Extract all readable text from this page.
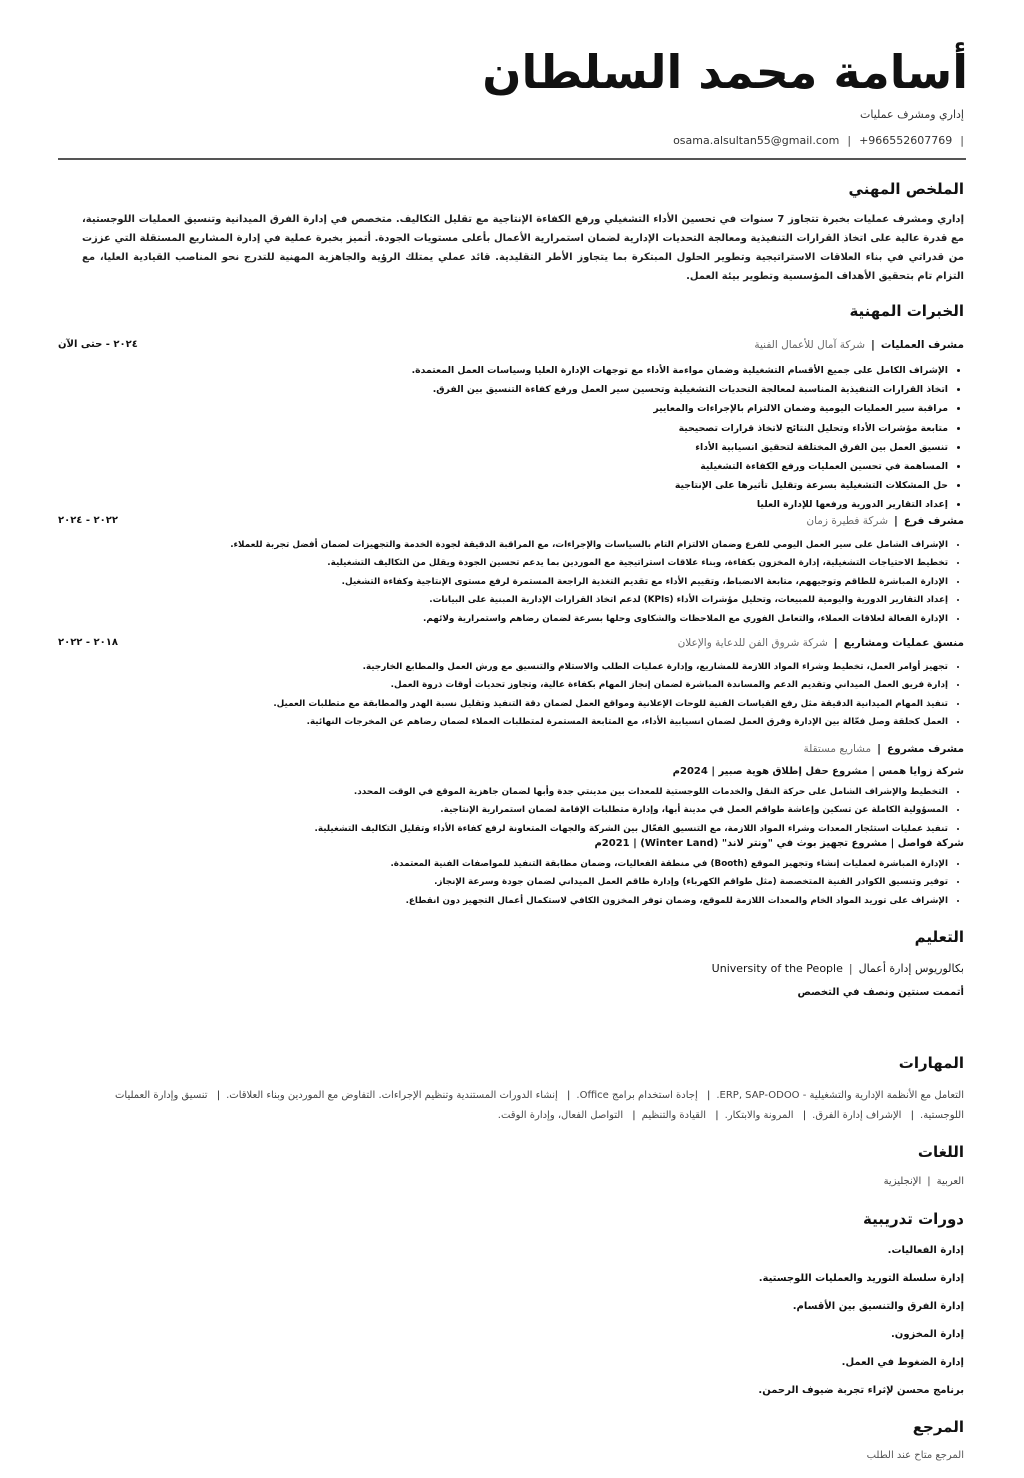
أسامة محمد السلطان
إداري ومشرف عمليات
|
+966552607769
|
osama.alsultan55@gmail.com
الملخص المهني
إداري ومشرف عمليات بخبرة تتجاوز 7 سنوات في تحسين الأداء التشغيلي ورفع الكفاءة الإنتاجية مع تقليل التكاليف. متخصص في إدارة الفرق الميدانية وتنسيق العمليات اللوجستية، مع قدرة عالية على اتخاذ القرارات التنفيذية ومعالجة التحديات الإدارية لضمان استمرارية الأعمال بأعلى مستويات الجودة. أتميز بخبرة عملية في إدارة المشاريع المستقلة التي عززت من قدراتي في بناء العلاقات الاستراتيجية وتطوير الحلول المبتكرة بما يتجاوز الأطر التقليدية. قائد عملي يمتلك الرؤية والجاهزية المهنية للتدرج نحو المناصب القيادية العليا، مع التزام تام بتحقيق الأهداف المؤسسية وتطوير بيئة العمل.
الخبرات المهنية
مشرف العمليات
|
شركة آمال للأعمال الفنية
٢٠٢٤ - حتى الآن
• الإشراف الكامل على جميع الأقسام التشغيلية وضمان مواءمة الأداء مع توجهات الإدارة العليا وسياسات العمل المعتمدة.
• اتخاذ القرارات التنفيذية المناسبة لمعالجة التحديات التشغيلية وتحسين سير العمل ورفع كفاءة التنسيق بين الفرق.
• مراقبة سير العمليات اليومية وضمان الالتزام بالإجراءات والمعايير
• متابعة مؤشرات الأداء وتحليل النتائج لاتخاذ قرارات تصحيحية
• تنسيق العمل بين الفرق المختلفة لتحقيق انسيابية الأداء
• المساهمة في تحسين العمليات ورفع الكفاءة التشغيلية
• حل المشكلات التشغيلية بسرعة وتقليل تأثيرها على الإنتاجية
• إعداد التقارير الدورية ورفعها للإدارة العليا
مشرف فرع
|
شركة فطيرة زمان
٢٠٢٢ - ٢٠٢٤
• الإشراف الشامل على سير العمل اليومي للفرع وضمان الالتزام التام بالسياسات والإجراءات، مع المراقبة الدقيقة لجودة الخدمة والتجهيزات لضمان أفضل تجربة للعملاء.
• تخطيط الاحتياجات التشغيلية، إدارة المخزون بكفاءة، وبناء علاقات استراتيجية مع الموردين بما يدعم تحسين الجودة ويقلل من التكاليف التشغيلية.
• الإدارة المباشرة للطاقم وتوجيههم، متابعة الانضباط، وتقييم الأداء مع تقديم التغذية الراجعة المستمرة لرفع مستوى الإنتاجية وكفاءة التشغيل.
• إعداد التقارير الدورية واليومية للمبيعات، وتحليل مؤشرات الأداء (KPIs) لدعم اتخاذ القرارات الإدارية المبنية على البيانات.
• الإدارة الفعالة لعلاقات العملاء، والتعامل الفوري مع الملاحظات والشكاوى وحلها بسرعة لضمان رضاهم واستمرارية ولائهم.
منسق عمليات ومشاريع
|
شركة شروق الفن للدعاية والإعلان
٢٠١٨ - ٢٠٢٢
• تجهيز أوامر العمل، تخطيط وشراء المواد اللازمة للمشاريع، وإدارة عمليات الطلب والاستلام والتنسيق مع ورش العمل والمطابع الخارجية.
• إدارة فريق العمل الميداني وتقديم الدعم والمساندة المباشرة لضمان إنجاز المهام بكفاءة عالية، وتجاوز تحديات أوقات ذروة العمل.
• تنفيذ المهام الميدانية الدقيقة مثل رفع القياسات الفنية للوحات الإعلانية ومواقع العمل لضمان دقة التنفيذ وتقليل نسبة الهدر والمطابقة مع متطلبات العميل.
• العمل كحلقة وصل فعّالة بين الإدارة وفرق العمل لضمان انسيابية الأداء، مع المتابعة المستمرة لمتطلبات العملاء لضمان رضاهم عن المخرجات النهائية.
مشرف مشروع
|
مشاريع مستقلة
شركة زوايا همس | مشروع حفل إطلاق هوية صبير | 2024م
• التخطيط والإشراف الشامل على حركة النقل والخدمات اللوجستية للمعدات بين مدينتي جدة وأبها لضمان جاهزية الموقع في الوقت المحدد.
• المسؤولية الكاملة عن تسكين وإعاشة طواقم العمل في مدينة أبها، وإدارة متطلبات الإقامة لضمان استمرارية الإنتاجية.
• تنفيذ عمليات استئجار المعدات وشراء المواد اللازمة، مع التنسيق الفعّال بين الشركة والجهات المتعاونة لرفع كفاءة الأداء وتقليل التكاليف التشغيلية.
شركة فواصل | مشروع تجهيز بوث في "ونتر لاند" (Winter Land) | 2021م
• الإدارة المباشرة لعمليات إنشاء وتجهيز الموقع (Booth) في منطقة الفعاليات، وضمان مطابقة التنفيذ للمواصفات الفنية المعتمدة.
• توفير وتنسيق الكوادر الفنية المتخصصة (مثل طواقم الكهرباء) وإدارة طاقم العمل الميداني لضمان جودة وسرعة الإنجاز.
• الإشراف على توريد المواد الخام والمعدات اللازمة للموقع، وضمان توفر المخزون الكافي لاستكمال أعمال التجهيز دون انقطاع.
التعليم
بكالوريوس إدارة أعمال
|
University of the People
أتممت سنتين ونصف في التخصص
المهارات
التعامل مع الأنظمة الإدارية والتشغيلية - ERP, SAP-ODOO.| إجادة استخدام برامج Office.| إنشاء الدورات المستندية وتنظيم الإجراءات. التفاوض مع الموردين وبناء العلاقات.| تنسيق وإدارة العمليات اللوجستية.| الإشراف إدارة الفرق.| المرونة والابتكار.| القيادة والتنظيم| التواصل الفعال، وإدارة الوقت.
اللغات
العربية
|
الإنجليزية
دورات تدريبية
إدارة الفعاليات.
إدارة سلسلة التوريد والعمليات اللوجستية.
إدارة الفرق والتنسيق بين الأقسام.
إدارة المخزون.
إدارة الضغوط في العمل.
برنامج محسن لإثراء تجربة ضيوف الرحمن.
المرجع
المرجع متاح عند الطلب
